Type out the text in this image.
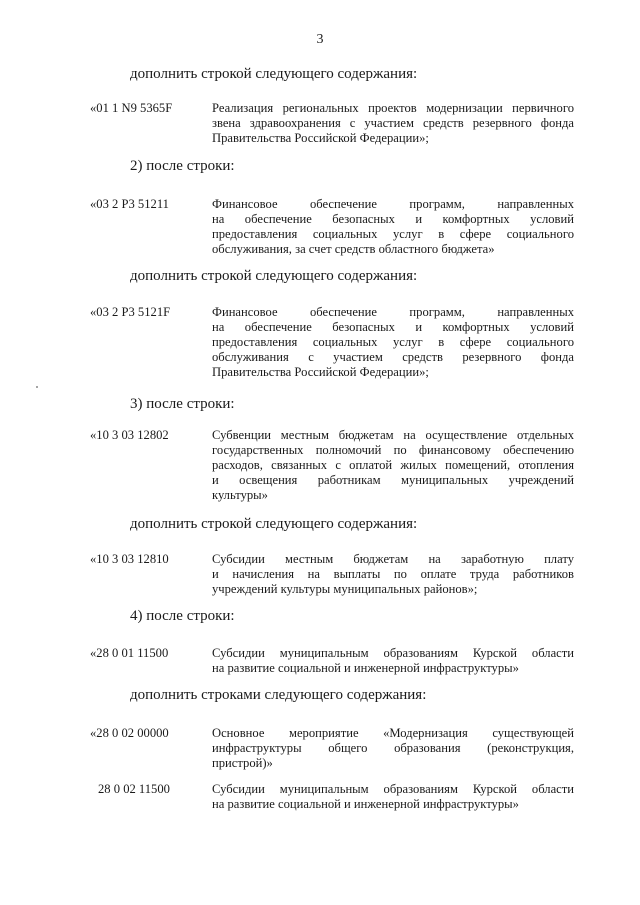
3
дополнить строкой следующего содержания:
«01 1 N9 5365F	Реализация региональных проектов модернизации первичного
звена здравоохранения с участием средств резервного фонда
Правительства Российской Федерации»;
2) после строки:
«03 2 P3 51211	Финансовое обеспечение программ, направленных
на обеспечение безопасных и комфортных условий
предоставления социальных услуг в сфере социального
обслуживания, за счет средств областного бюджета»
дополнить строкой следующего содержания:
«03 2 P3 5121F	Финансовое обеспечение программ, направленных
на обеспечение безопасных и комфортных условий
предоставления социальных услуг в сфере социального
обслуживания с участием средств резервного фонда
Правительства Российской Федерации»;
3) после строки:
«10 3 03 12802	Субвенции местным бюджетам на осуществление отдельных
государственных полномочий по финансовому обеспечению
расходов, связанных с оплатой жилых помещений, отопления
и освещения работникам муниципальных учреждений
культуры»
дополнить строкой следующего содержания:
«10 3 03 12810	Субсидии местным бюджетам на заработную плату
и начисления на выплаты по оплате труда работников
учреждений культуры муниципальных районов»;
4) после строки:
«28 0 01 11500	Субсидии муниципальным образованиям Курской области
на развитие социальной и инженерной инфраструктуры»
дополнить строками следующего содержания:
«28 0 02 00000	Основное мероприятие «Модернизация существующей
инфраструктуры общего образования (реконструкция,
пристрой)»
28 0 02 11500	Субсидии муниципальным образованиям Курской области
на развитие социальной и инженерной инфраструктуры»
